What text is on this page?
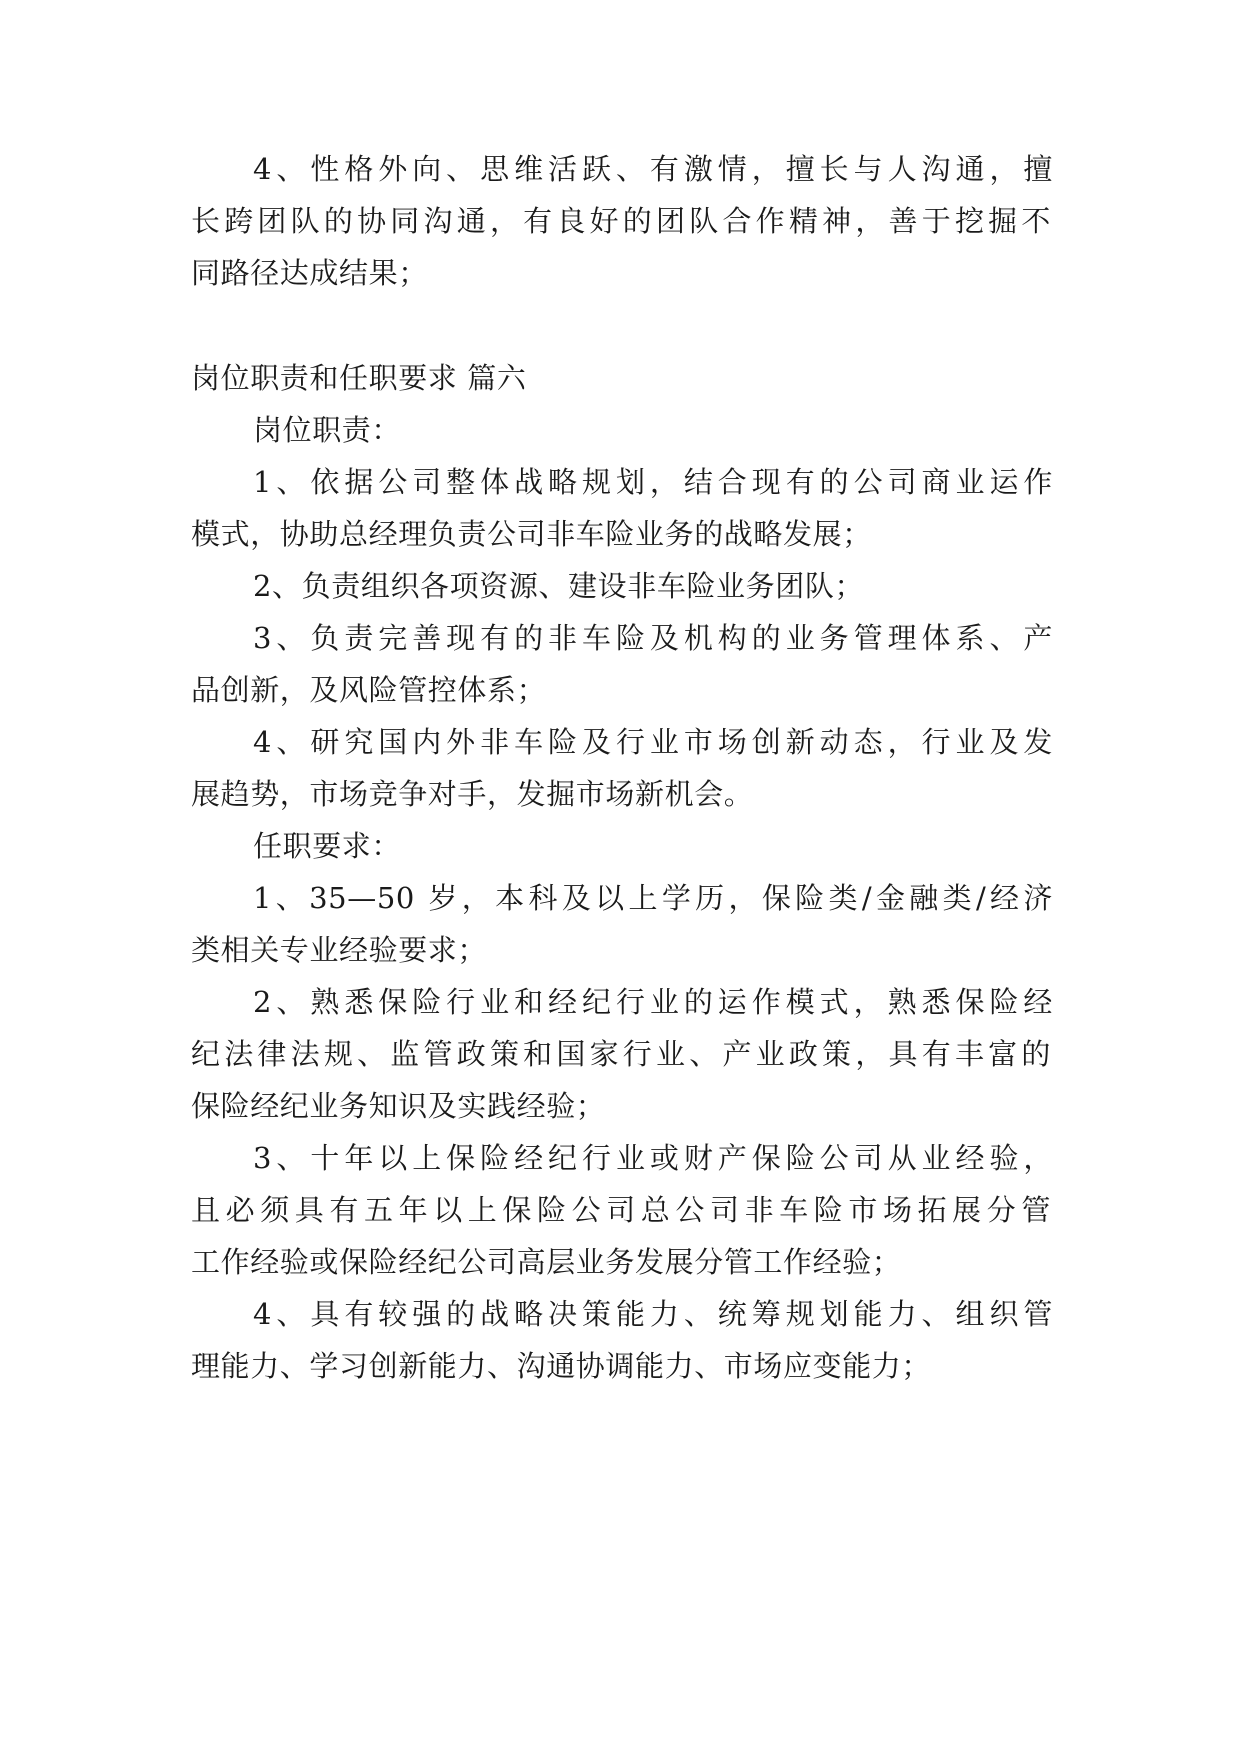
4、性格外向、思维活跃、有激情，擅长与人沟通，擅
长跨团队的协同沟通，有良好的团队合作精神，善于挖掘不
同路径达成结果；
岗位职责和任职要求 篇六
岗位职责：
1、依据公司整体战略规划，结合现有的公司商业运作
模式，协助总经理负责公司非车险业务的战略发展；
2、负责组织各项资源、建设非车险业务团队；
3、负责完善现有的非车险及机构的业务管理体系、产
品创新，及风险管控体系；
4、研究国内外非车险及行业市场创新动态，行业及发
展趋势，市场竞争对手，发掘市场新机会。
任职要求：
1、35—50 岁，本科及以上学历，保险类/金融类/经济
类相关专业经验要求；
2、熟悉保险行业和经纪行业的运作模式，熟悉保险经
纪法律法规、监管政策和国家行业、产业政策，具有丰富的
保险经纪业务知识及实践经验；
3、十年以上保险经纪行业或财产保险公司从业经验，
且必须具有五年以上保险公司总公司非车险市场拓展分管
工作经验或保险经纪公司高层业务发展分管工作经验；
4、具有较强的战略决策能力、统筹规划能力、组织管
理能力、学习创新能力、沟通协调能力、市场应变能力；
